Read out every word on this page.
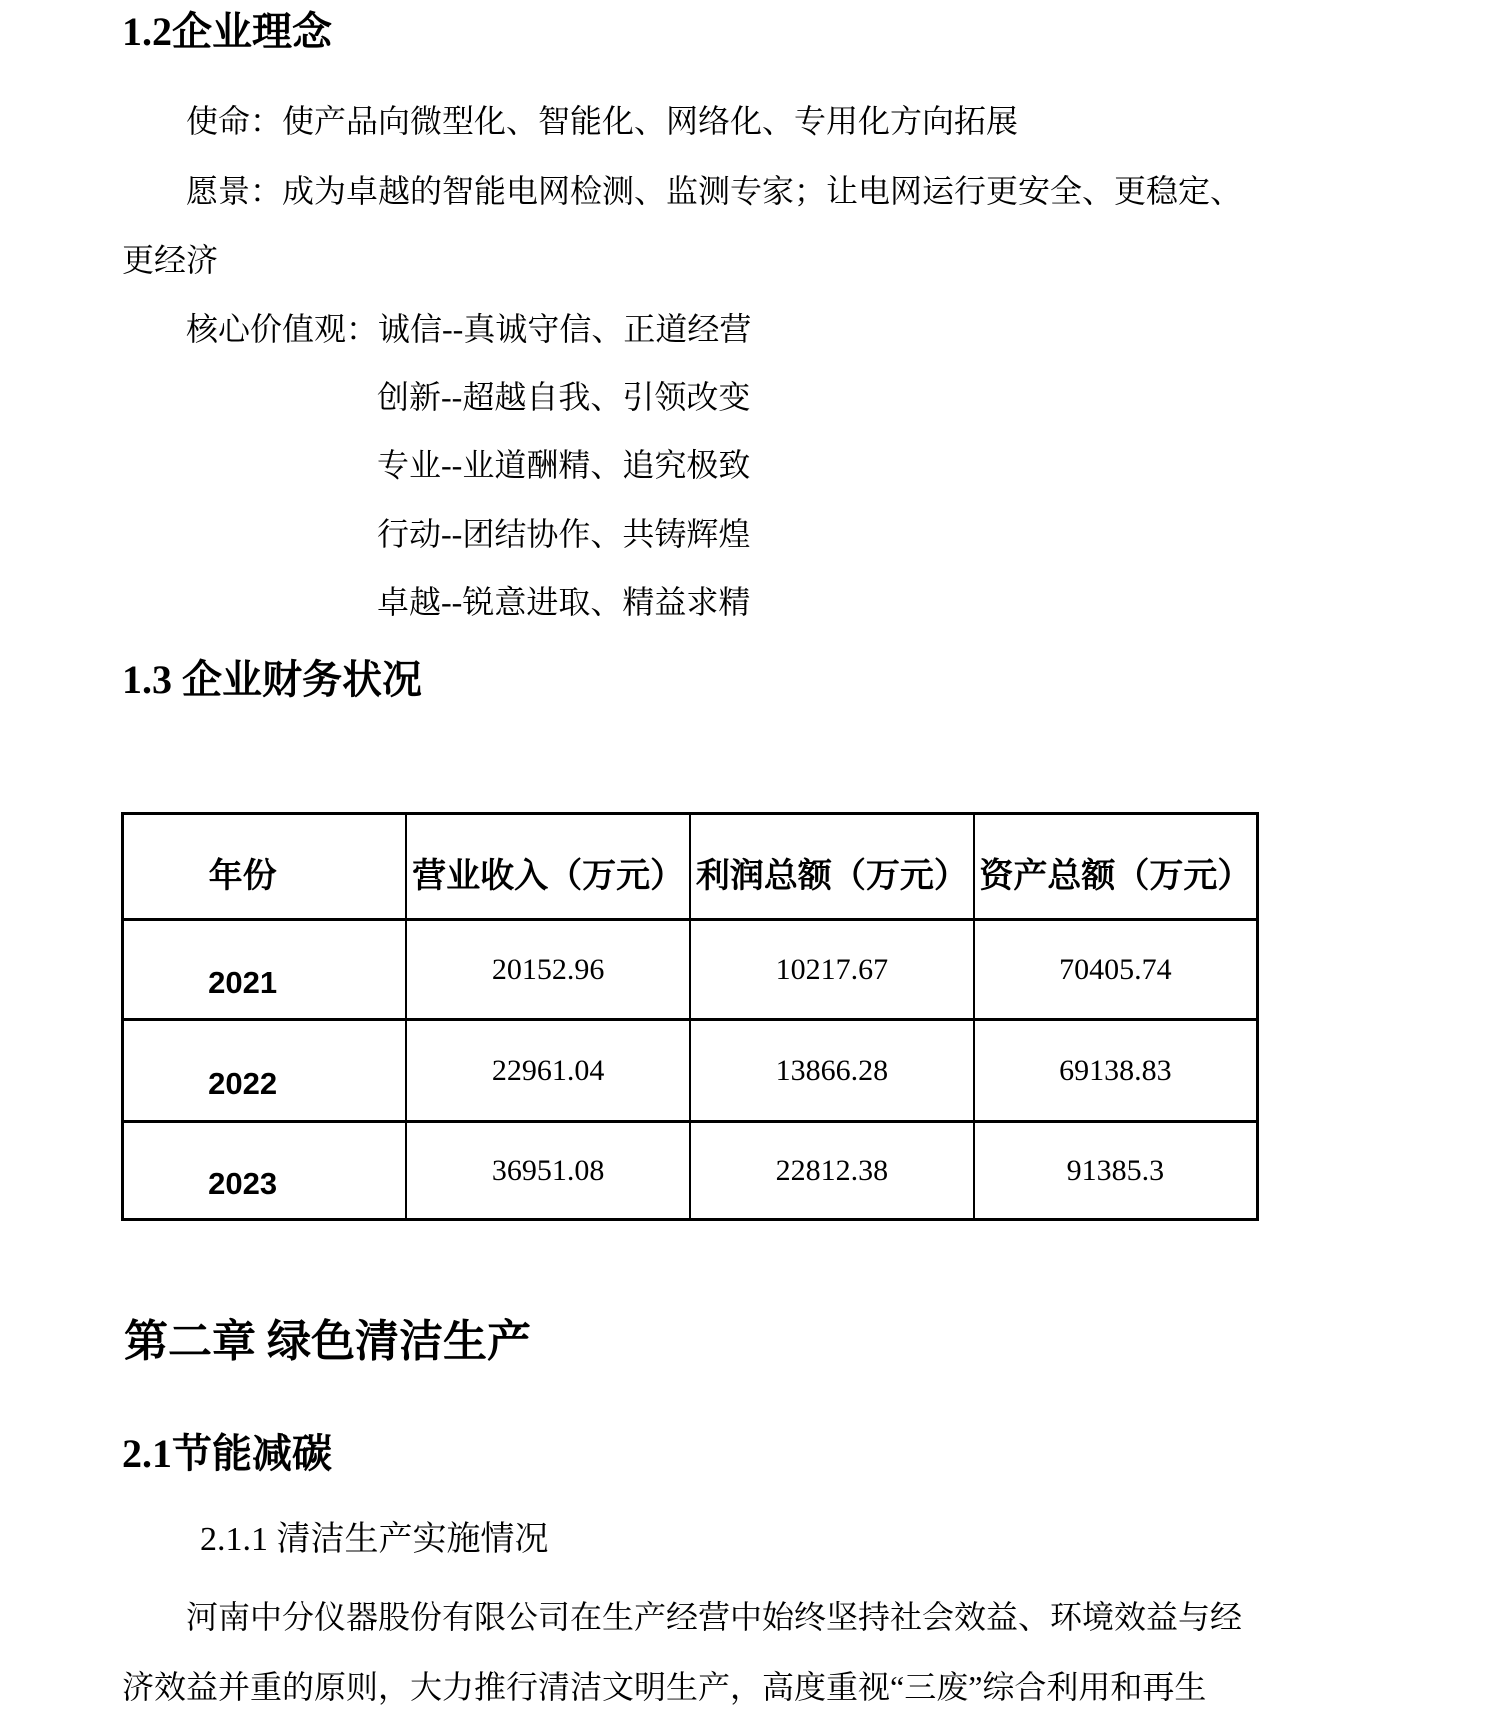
1.2企业理念
使命：使产品向微型化、智能化、网络化、专用化方向拓展
愿景：成为卓越的智能电网检测、监测专家；让电网运行更安全、更稳定、
更经济
核心价值观：诚信--真诚守信、正道经营
创新--超越自我、引领改变
专业--业道酬精、追究极致
行动--团结协作、共铸辉煌
卓越--锐意进取、精益求精
1.3 企业财务状况
年份	营业收入（万元）	利润总额（万元）	资产总额（万元）
2021	20152.96	10217.67	70405.74
2022	22961.04	13866.28	69138.83
2023	36951.08	22812.38	91385.3
第二章 绿色清洁生产
2.1节能减碳
2.1.1 清洁生产实施情况
河南中分仪器股份有限公司在生产经营中始终坚持社会效益、环境效益与经
济效益并重的原则，大力推行清洁文明生产，高度重视“三废”综合利用和再生
